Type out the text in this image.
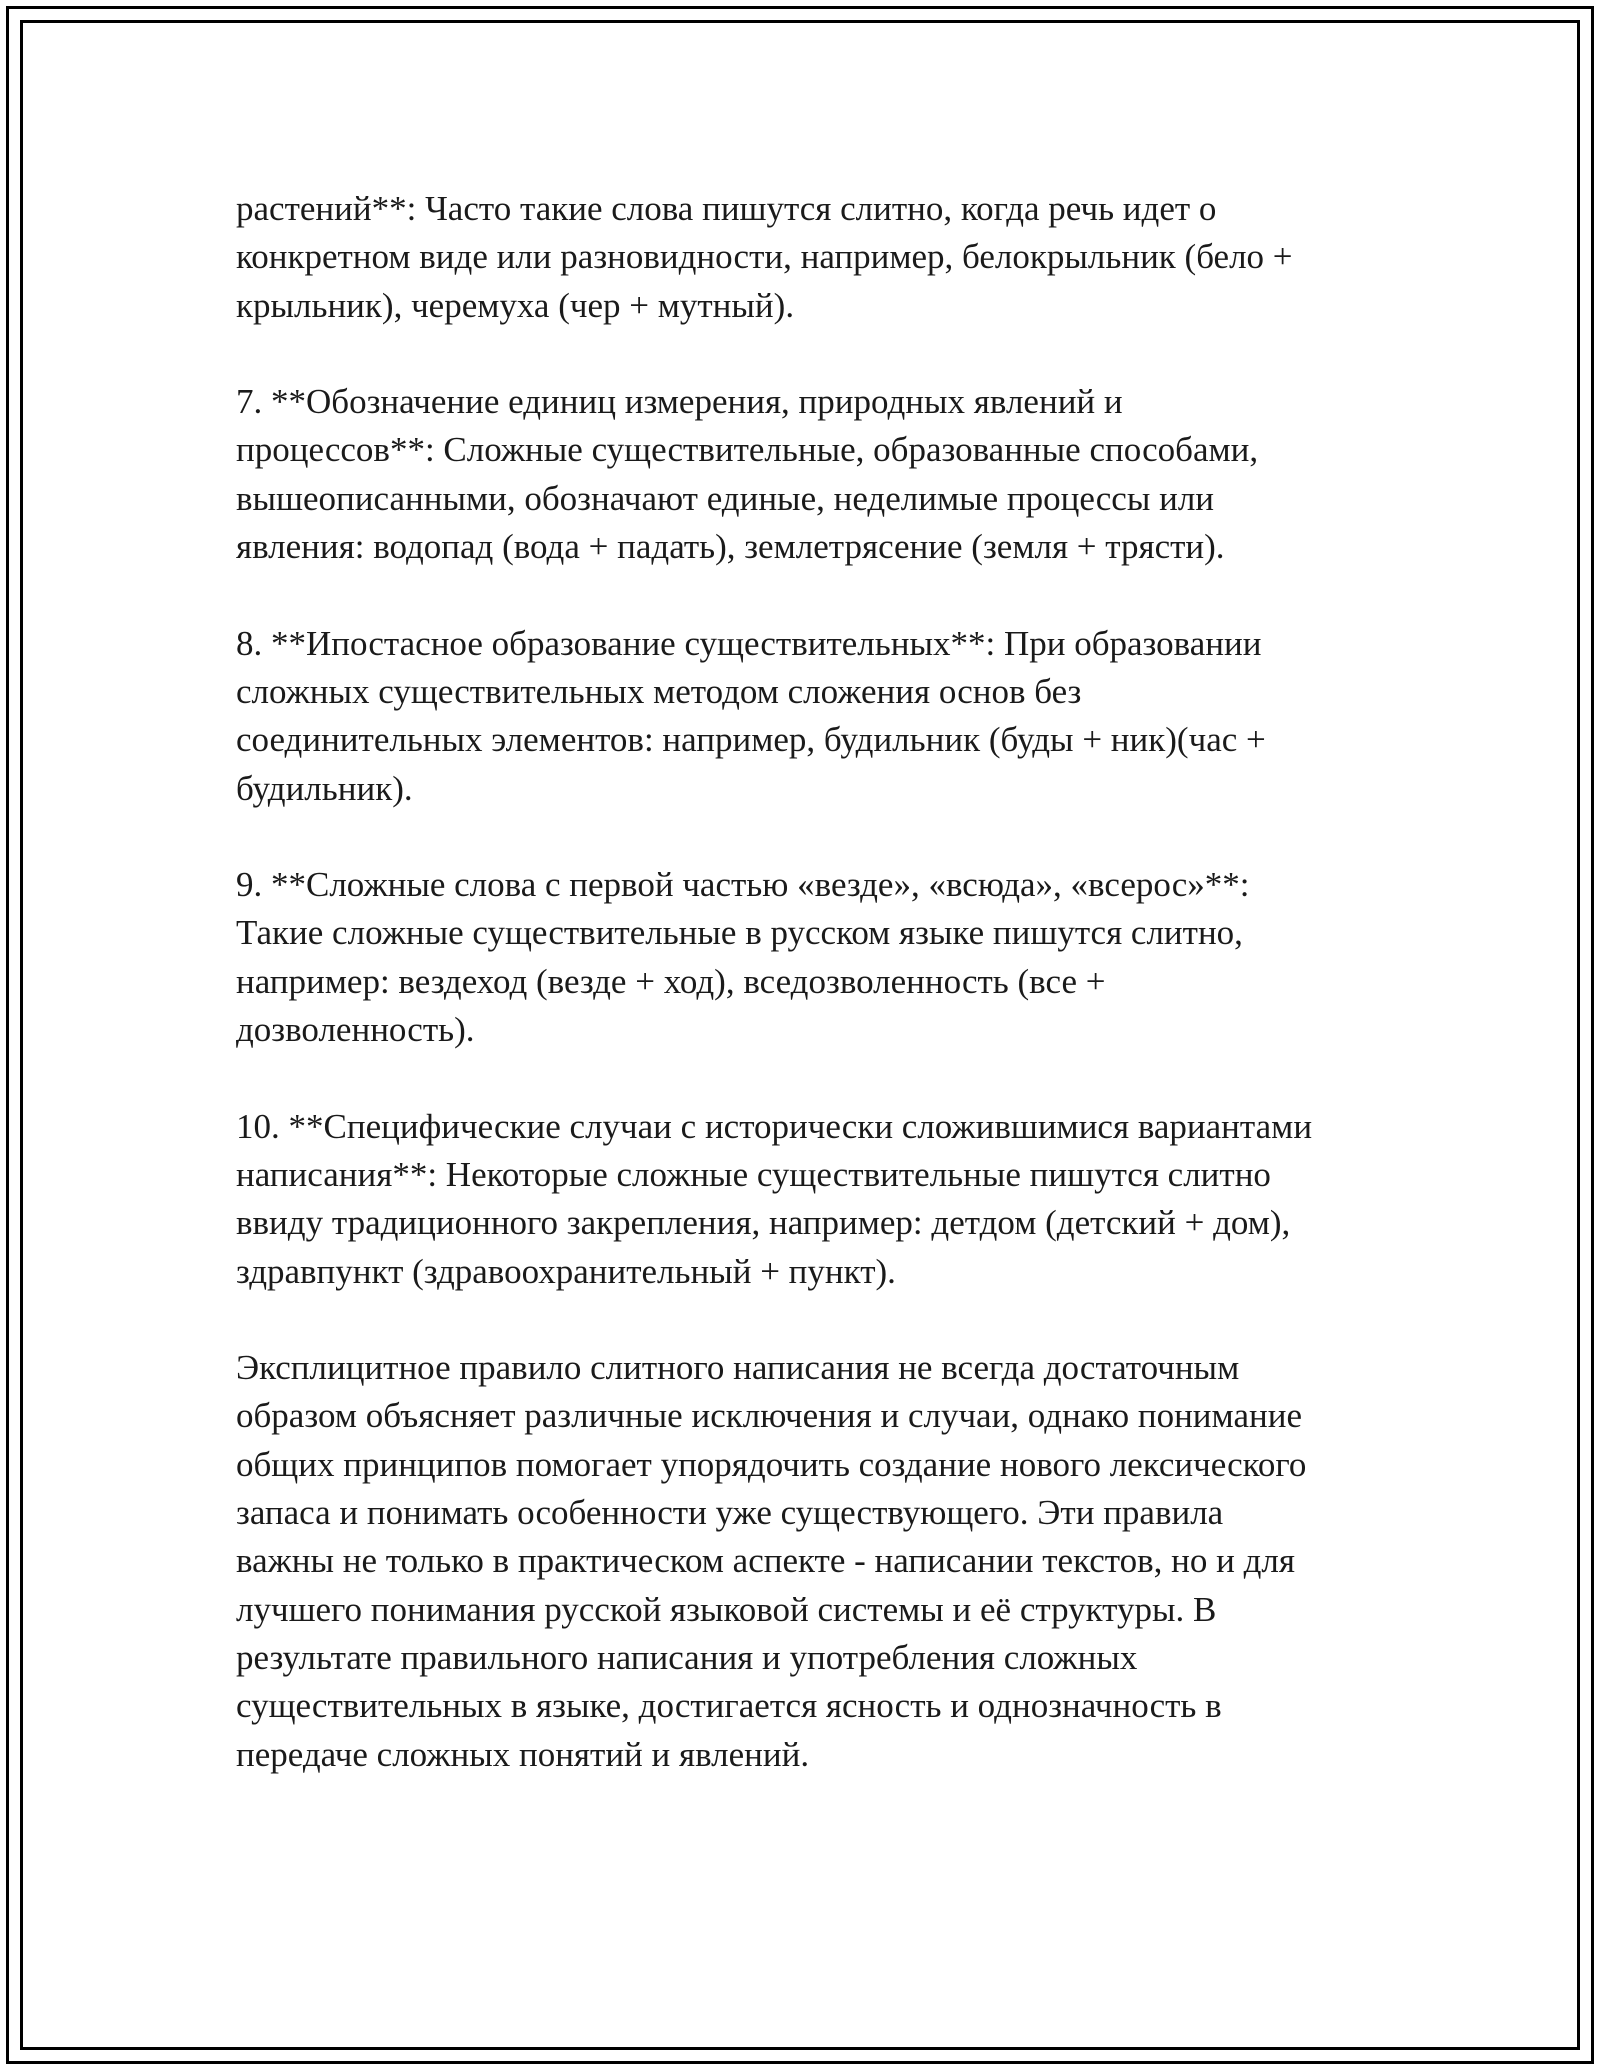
растений**: Часто такие слова пишутся слитно, когда речь идет о
конкретном виде или разновидности, например, белокрыльник (бело +
крыльник), черемуха (чер + мутный).

7. **Обозначение единиц измерения, природных явлений и
процессов**: Сложные существительные, образованные способами,
вышеописанными, обозначают единые, неделимые процессы или
явления: водопад (вода + падать), землетрясение (земля + трясти).

8. **Ипостасное образование существительных**: При образовании
сложных существительных методом сложения основ без
соединительных элементов: например, будильник (буды + ник)(час +
будильник).

9. **Сложные слова с первой частью «везде», «всюда», «всерос»**:
Такие сложные существительные в русском языке пишутся слитно,
например: вездеход (везде + ход), вседозволенность (все +
дозволенность).

10. **Специфические случаи с исторически сложившимися вариантами
написания**: Некоторые сложные существительные пишутся слитно
ввиду традиционного закрепления, например: детдом (детский + дом),
здравпункт (здравоохранительный + пункт).

Эксплицитное правило слитного написания не всегда достаточным
образом объясняет различные исключения и случаи, однако понимание
общих принципов помогает упорядочить создание нового лексического
запаса и понимать особенности уже существующего. Эти правила
важны не только в практическом аспекте - написании текстов, но и для
лучшего понимания русской языковой системы и её структуры. В
результате правильного написания и употребления сложных
существительных в языке, достигается ясность и однозначность в
передаче сложных понятий и явлений.
